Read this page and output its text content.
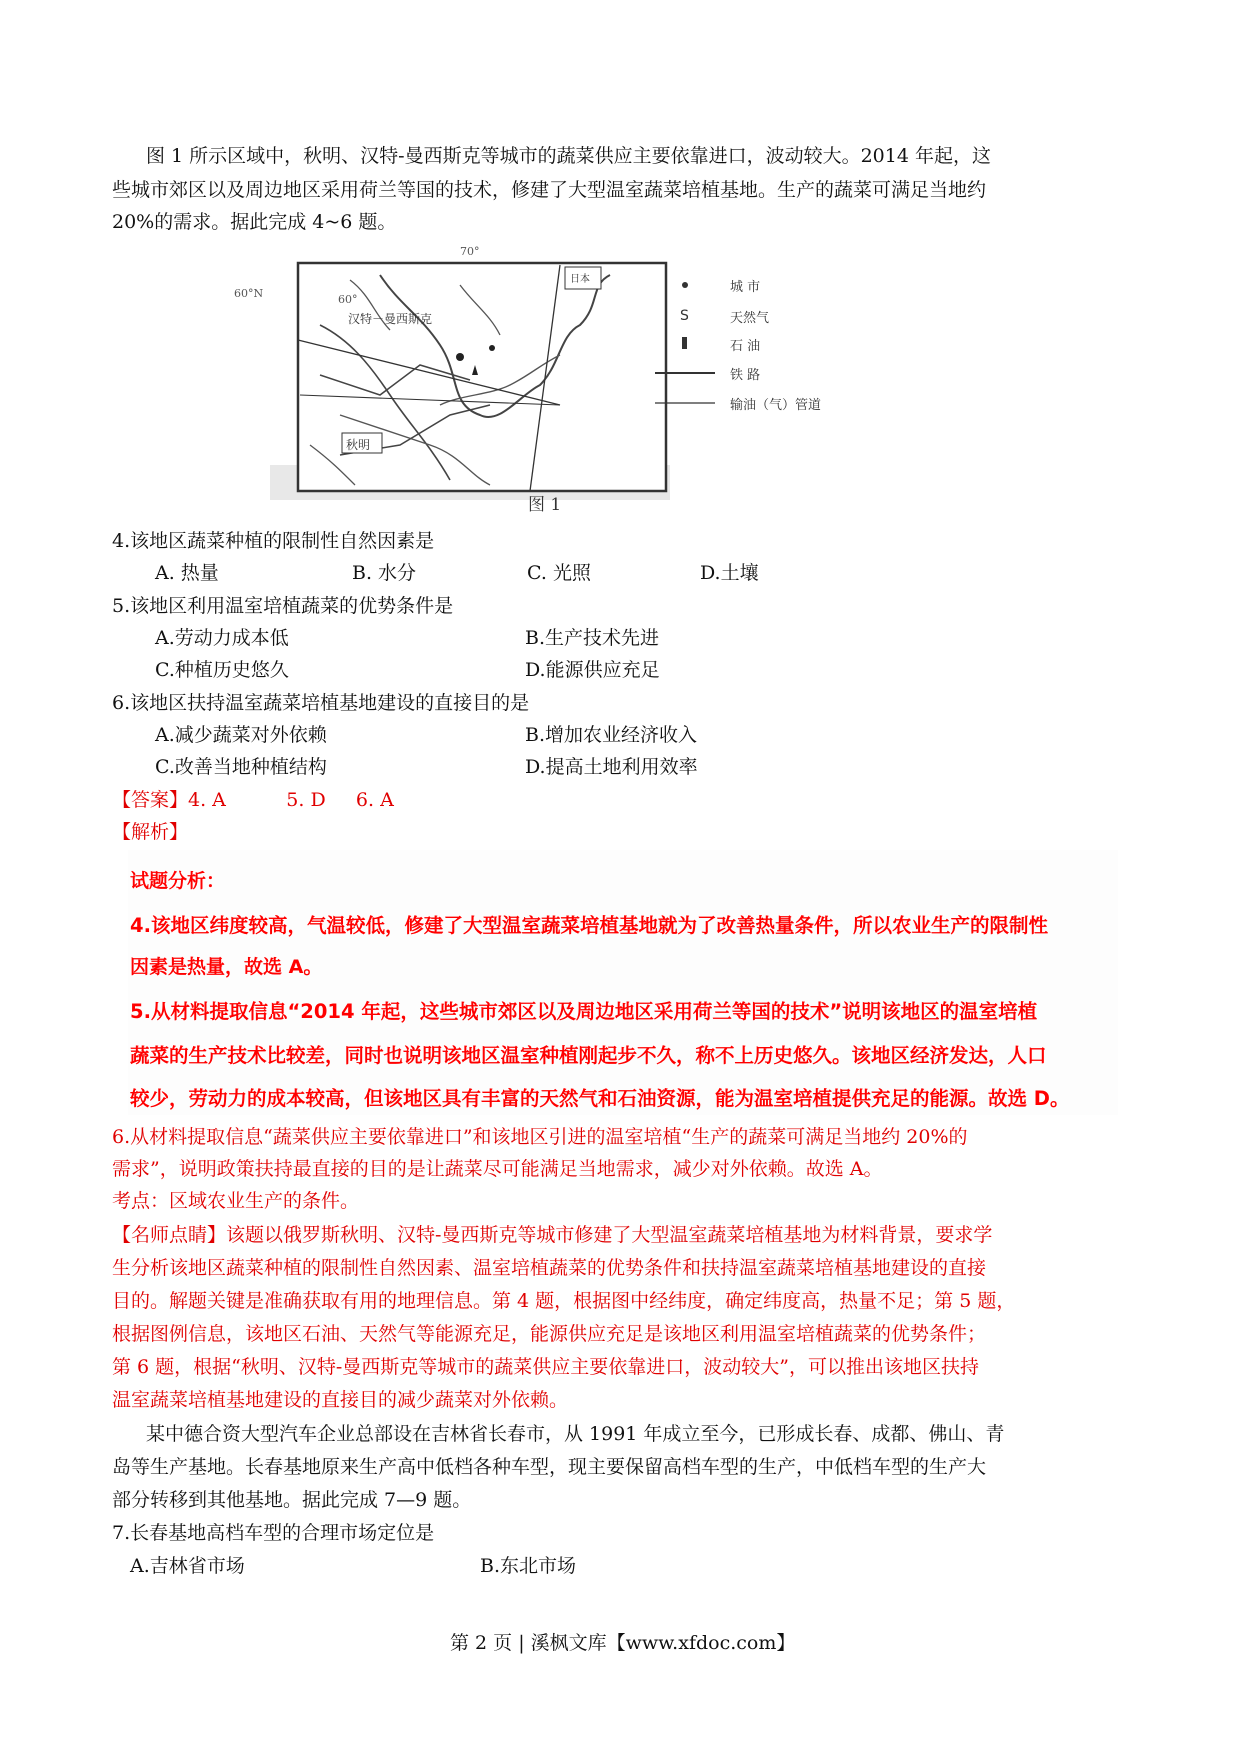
图 1 所示区域中，秋明、汉特-曼西斯克等城市的蔬菜供应主要依靠进口，波动较大。2014 年起，这
些城市郊区以及周边地区采用荷兰等国的技术，修建了大型温室蔬菜培植基地。生产的蔬菜可满足当地约
20%的需求。据此完成 4~6 题。
S
60°
70°
60°N
汉特－曼西斯克
秋明
日本
城 市
天然气
石 油
铁 路
输油（气）管道
图 1
4.该地区蔬菜种植的限制性自然因素是
A. 热量	B. 水分	C. 光照	D.土壤
5.该地区利用温室培植蔬菜的优势条件是
A.劳动力成本低	B.生产技术先进
C.种植历史悠久	D.能源供应充足
6.该地区扶持温室蔬菜培植基地建设的直接目的是
A.减少蔬菜对外依赖	B.增加农业经济收入
C.改善当地种植结构	D.提高土地利用效率
【答案】4. A          5. D     6. A
【解析】
试题分析：
4.该地区纬度较高，气温较低，修建了大型温室蔬菜培植基地就为了改善热量条件，所以农业生产的限制性
因素是热量，故选 A。
5.从材料提取信息“2014 年起，这些城市郊区以及周边地区采用荷兰等国的技术”说明该地区的温室培植
蔬菜的生产技术比较差，同时也说明该地区温室种植刚起步不久，称不上历史悠久。该地区经济发达，人口
较少，劳动力的成本较高，但该地区具有丰富的天然气和石油资源，能为温室培植提供充足的能源。故选 D。
6.从材料提取信息“蔬菜供应主要依靠进口”和该地区引进的温室培植“生产的蔬菜可满足当地约 20%的
需求”，说明政策扶持最直接的目的是让蔬菜尽可能满足当地需求，减少对外依赖。故选 A。
考点：区域农业生产的条件。
【名师点睛】该题以俄罗斯秋明、汉特-曼西斯克等城市修建了大型温室蔬菜培植基地为材料背景，要求学
生分析该地区蔬菜种植的限制性自然因素、温室培植蔬菜的优势条件和扶持温室蔬菜培植基地建设的直接
目的。解题关键是准确获取有用的地理信息。第 4 题，根据图中经纬度，确定纬度高，热量不足；第 5 题，
根据图例信息，该地区石油、天然气等能源充足，能源供应充足是该地区利用温室培植蔬菜的优势条件；
第 6 题，根据“秋明、汉特-曼西斯克等城市的蔬菜供应主要依靠进口，波动较大”，可以推出该地区扶持
温室蔬菜培植基地建设的直接目的减少蔬菜对外依赖。
某中德合资大型汽车企业总部设在吉林省长春市，从 1991 年成立至今，已形成长春、成都、佛山、青
岛等生产基地。长春基地原来生产高中低档各种车型，现主要保留高档车型的生产，中低档车型的生产大
部分转移到其他基地。据此完成 7—9 题。
7.长春基地高档车型的合理市场定位是
A.吉林省市场	B.东北市场
第 2 页 | 溪枫文库【www.xfdoc.com】
